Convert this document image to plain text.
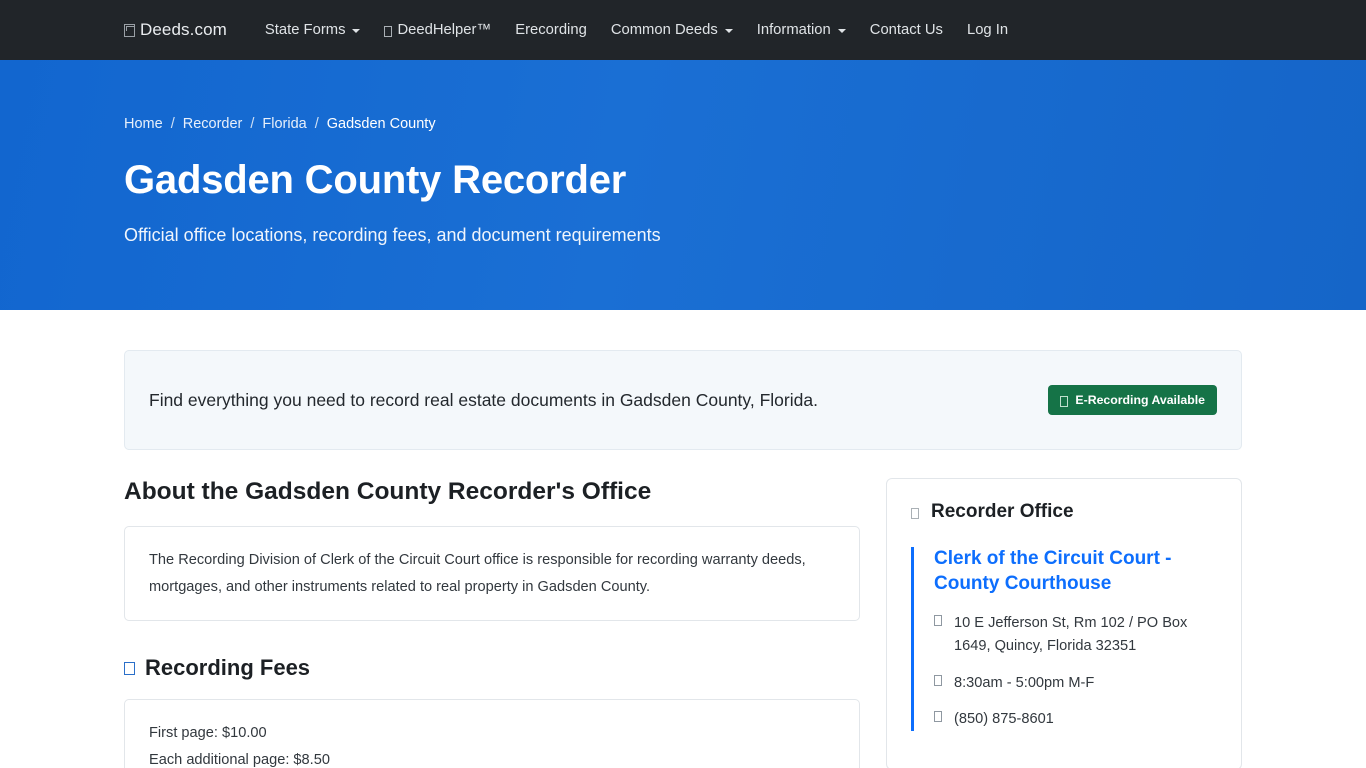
Deeds.com	State Forms	DeedHelper™ Erecording Common Deeds	Information	Contact Us Log In
Home / Recorder / Florida / Gadsden County
Gadsden County Recorder

Official office locations, recording fees, and document requirements

Find everything you need to record real estate documents in Gadsden County, Florida.	E-Recording Available
About the Gadsden County Recorder's Office

The Recording Division of Clerk of the Circuit Court office is responsible for recording warranty deeds, mortgages, and other instruments related to real property in Gadsden County.

Recording Fees

First page: $10.00

Each additional page: $8.50

Recorder Office

Clerk of the Circuit Court - County Courthouse

10 E Jefferson St, Rm 102 / PO Box 1649, Quincy, Florida 32351
8:30am - 5:00pm M-F
(850) 875-8601
